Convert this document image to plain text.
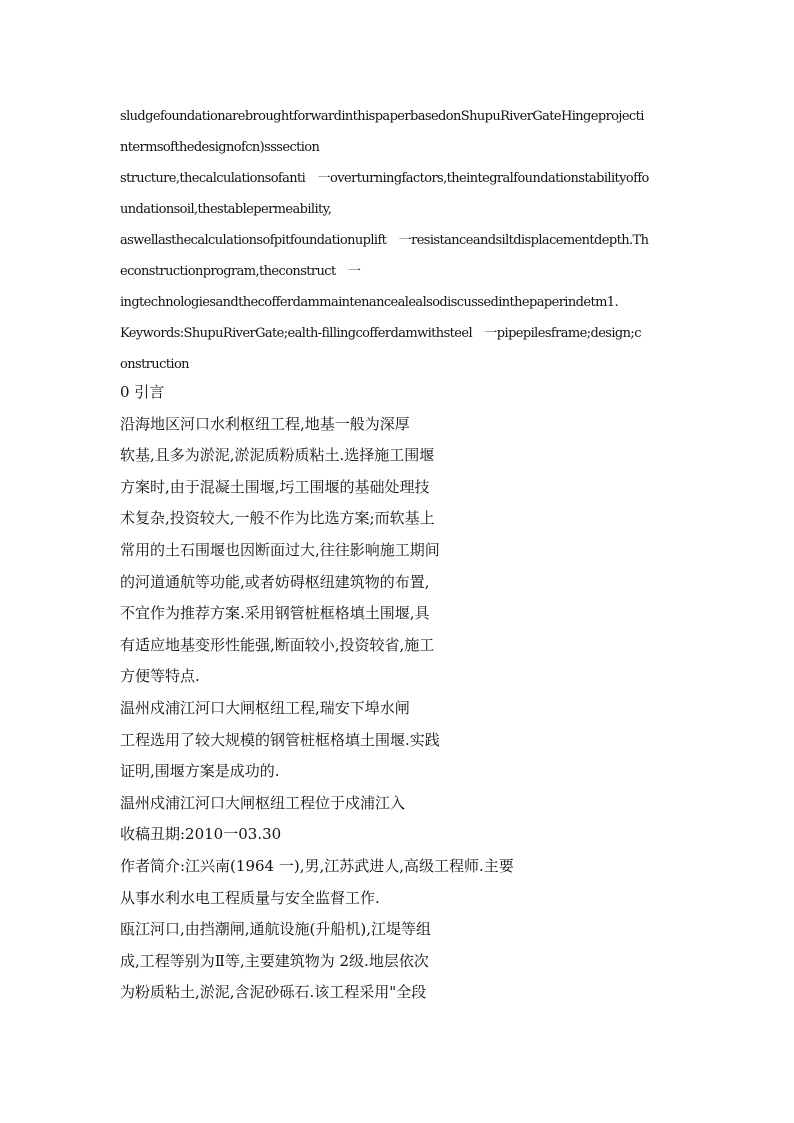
sludgefoundationarebroughtforwardinthispaperbasedonShupuRiverGateHingeprojecti
ntermsofthedesignofcn)sssection
structure,thecalculationsofanti　一overturningfactors,theintegralfoundationstabilityoffo
undationsoil,thestablepermeability,
aswellasthecalculationsofpitfoundationuplift　一resistanceandsiltdisplacementdepth.Th
econstructionprogram,theconstruct　一
ingtechnologiesandthecofferdammaintenancealealsodiscussedinthepaperindetm1.
Keywords:ShupuRiverGate;ealth-fillingcofferdamwithsteel　一pipepilesframe;design;c
onstruction
0 引言
沿海地区河口水利枢纽工程,地基一般为深厚
软基,且多为淤泥,淤泥质粉质粘土.选择施工围堰
方案时,由于混凝土围堰,圬工围堰的基础处理技
术复杂,投资较大,一般不作为比选方案;而软基上
常用的土石围堰也因断面过大,往往影响施工期间
的河道通航等功能,或者妨碍枢纽建筑物的布置,
不宜作为推荐方案.采用钢管桩框格填土围堰,具
有适应地基变形性能强,断面较小,投资较省,施工
方便等特点.
温州戍浦江河口大闸枢纽工程,瑞安下埠水闸
工程选用了较大规模的钢管桩框格填土围堰.实践
证明,围堰方案是成功的.
温州戍浦江河口大闸枢纽工程位于戍浦江入
收稿丑期:2010一03.30
作者简介:江兴南(1964 一),男,江苏武进人,高级工程师.主要
从事水利水电工程质量与安全监督工作.
瓯江河口,由挡潮闸,通航设施(升船机),江堤等组
成,工程等别为Ⅱ等,主要建筑物为 2级.地层依次
为粉质粘土,淤泥,含泥砂砾石.该工程采用"全段
